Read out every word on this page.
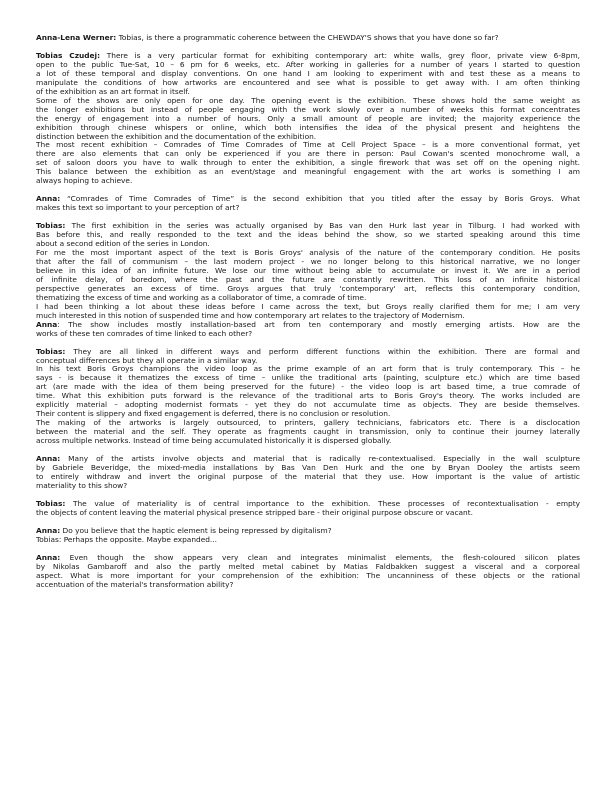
Anna-Lena Werner: Tobias, is there a programmatic coherence between the CHEWDAY'S shows that you have done so far?
Tobias Czudej: There is a very particular format for exhibiting contemporary art: white walls, grey floor, private view 6-8pm,
open to the public Tue-Sat, 10 – 6 pm for 6 weeks, etc. After working in galleries for a number of years I started to question
a lot of these temporal and display conventions. On one hand I am looking to experiment with and test these as a means to
manipulate the conditions of how artworks are encountered and see what is possible to get away with. I am often thinking
of the exhibition as an art format in itself.
Some of the shows are only open for one day. The opening event is the exhibition. These shows hold the same weight as
the longer exhibitions but instead of people engaging with the work slowly over a number of weeks this format concentrates
the energy of engagement into a number of hours. Only a small amount of people are invited; the majority experience the
exhibition through chinese whispers or online, which both intensifies the idea of the physical present and heightens the
distinction between the exhibition and the documentation of the exhibition.
The most recent exhibition – Comrades of Time Comrades of Time at Cell Project Space – is a more conventional format, yet
there are also elements that can only be experienced if you are there in person: Paul Cowan's scented monochrome wall, a
set of saloon doors you have to walk through to enter the exhibition, a single firework that was set off on the opening night.
This balance between the exhibition as an event/stage and meaningful engagement with the art works is something I am
always hoping to achieve.
Anna: “Comrades of Time Comrades of Time” is the second exhibition that you titled after the essay by Boris Groys. What
makes this text so important to your perception of art?
Tobias: The first exhibition in the series was actually organised by Bas van den Hurk last year in Tilburg. I had worked with
Bas before this, and really responded to the text and the ideas behind the show, so we started speaking around this time
about a second edition of the series in London.
For me the most important aspect of the text is Boris Groys' analysis of the nature of the contemporary condition. He posits
that after the fall of communism – the last modern project - we no longer belong to this historical narrative, we no longer
believe in this idea of an infinite future. We lose our time without being able to accumulate or invest it. We are in a period
of infinite delay, of boredom, where the past and the future are constantly rewritten. This loss of an infinite historical
perspective generates an excess of time. Groys argues that truly 'contemporary' art, reflects this contemporary condition,
thematizing the excess of time and working as a collaborator of time, a comrade of time.
I had been thinking a lot about these ideas before I came across the text, but Groys really clarified them for me; I am very
much interested in this notion of suspended time and how contemporary art relates to the trajectory of Modernism.
Anna: The show includes mostly installation-based art from ten contemporary and mostly emerging artists. How are the
works of these ten comrades of time linked to each other?
Tobias: They are all linked in different ways and perform different functions within the exhibition. There are formal and
conceptual differences but they all operate in a similar way.
In his text Boris Groys champions the video loop as the prime example of an art form that is truly contemporary. This – he
says - is because it thematizes the excess of time – unlike the traditional arts (painting, sculpture etc.) which are time based
art (are made with the idea of them being preserved for the future) - the video loop is art based time, a true comrade of
time. What this exhibition puts forward is the relevance of the traditional arts to Boris Groy's theory. The works included are
explicitly material – adopting modernist formats - yet they do not accumulate time as objects. They are beside themselves.
Their content is slippery and fixed engagement is deferred, there is no conclusion or resolution.
The making of the artworks is largely outsourced, to printers, gallery technicians, fabricators etc. There is a disclocation
between the material and the self. They operate as fragments caught in transmission, only to continue their journey laterally
across multiple networks. Instead of time being accumulated historically it is dispersed globally.
Anna: Many of the artists involve objects and material that is radically re-contextualised. Especially in the wall sculpture
by Gabriele Beveridge, the mixed-media installations by Bas Van Den Hurk and the one by Bryan Dooley the artists seem
to entirely withdraw and invert the original purpose of the material that they use. How important is the value of artistic
materiality to this show?
Tobias: The value of materiality is of central importance to the exhibition. These processes of recontextualisation - empty
the objects of content leaving the material physical presence stripped bare - their original purpose obscure or vacant.
Anna: Do you believe that the haptic element is being repressed by digitalism?
Tobias: Perhaps the opposite. Maybe expanded...
Anna: Even though the show appears very clean and integrates minimalist elements, the flesh-coloured silicon plates
by Nikolas Gambaroff and also the partly melted metal cabinet by Matias Faldbakken suggest a visceral and a corporeal
aspect. What is more important for your comprehension of the exhibition: The uncanniness of these objects or the rational
accentuation of the material's transformation ability?
